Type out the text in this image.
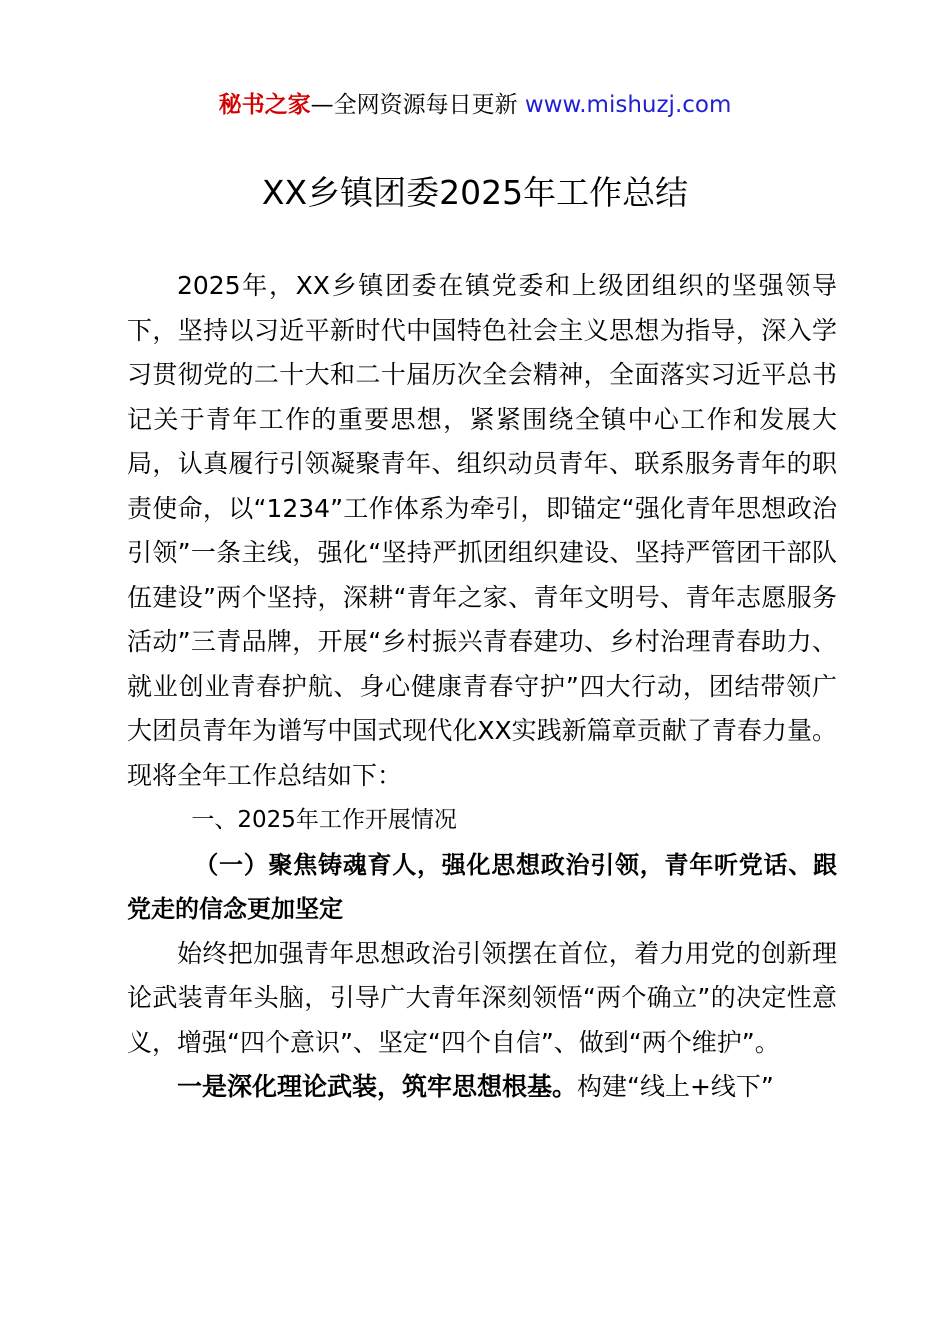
秘书之家—全网资源每日更新 www.mishuzj.com
XX乡镇团委2025年工作总结

2025年，XX乡镇团委在镇党委和上级团组织的坚强领导下，坚持以习近平新时代中国特色社会主义思想为指导，深入学习贯彻党的二十大和二十届历次全会精神，全面落实习近平总书记关于青年工作的重要思想，紧紧围绕全镇中心工作和发展大局，认真履行引领凝聚青年、组织动员青年、联系服务青年的职责使命，以“1234”工作体系为牵引，即锚定“强化青年思想政治引领”一条主线，强化“坚持严抓团组织建设、坚持严管团干部队伍建设”两个坚持，深耕“青年之家、青年文明号、青年志愿服务活动”三青品牌，开展“乡村振兴青春建功、乡村治理青春助力、就业创业青春护航、身心健康青春守护”四大行动，团结带领广大团员青年为谱写中国式现代化XX实践新篇章贡献了青春力量。现将全年工作总结如下：

一、2025年工作开展情况

（一）聚焦铸魂育人，强化思想政治引领，青年听党话、跟党走的信念更加坚定

始终把加强青年思想政治引领摆在首位，着力用党的创新理论武装青年头脑，引导广大青年深刻领悟“两个确立”的决定性意义，增强“四个意识”、坚定“四个自信”、做到“两个维护”。

一是深化理论武装，筑牢思想根基。构建“线上+线下”
